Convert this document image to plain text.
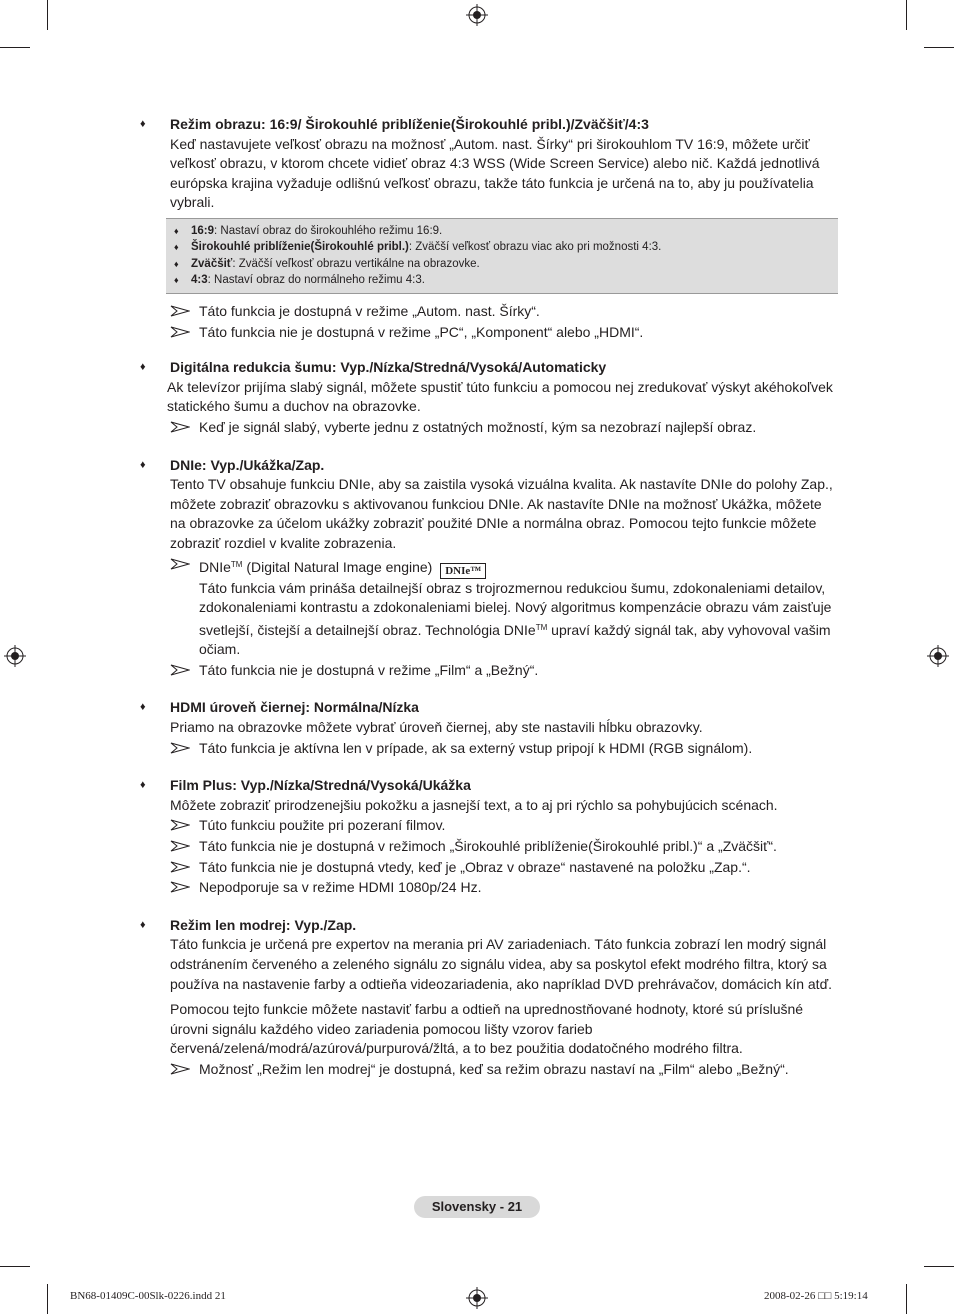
♦ Režim obrazu: 16:9/ Širokouhlé priblíženie(Širokouhlé pribl.)/Zväčšiť/4:3

Keď nastavujete veľkosť obrazu na možnosť „Autom. nast. Šírky“ pri širokouhlom TV 16:9, môžete určiť veľkosť obrazu, v ktorom chcete vidieť obraz 4:3 WSS (Wide Screen Service) alebo nič. Každá jednotlivá európska krajina vyžaduje odlišnú veľkosť obrazu, takže táto funkcia je určená na to, aby ju používatelia vybrali.

♦ 16:9: Nastaví obraz do širokouhlého režimu 16:9.
♦ Širokouhlé priblíženie(Širokouhlé pribl.): Zväčší veľkosť obrazu viac ako pri možnosti 4:3.
♦ Zväčšiť: Zväčší veľkosť obrazu vertikálne na obrazovke.
♦ 4:3: Nastaví obraz do normálneho režimu 4:3.
Táto funkcia je dostupná v režime „Autom. nast. Šírky“.
Táto funkcia nie je dostupná v režime „PC“, „Komponent“ alebo „HDMI“.
♦ Digitálna redukcia šumu: Vyp./Nízka/Stredná/Vysoká/Automaticky

Ak televízor prijíma slabý signál, môžete spustiť túto funkciu a pomocou nej zredukovať výskyt akéhokoľvek statického šumu a duchov na obrazovke.

Keď je signál slabý, vyberte jednu z ostatných možností, kým sa nezobrazí najlepší obraz.
♦ DNIe: Vyp./Ukážka/Zap.

Tento TV obsahuje funkciu DNIe, aby sa zaistila vysoká vizuálna kvalita. Ak nastavíte DNIe do polohy Zap., môžete zobraziť obrazovku s aktivovanou funkciou DNIe. Ak nastavíte DNIe na možnosť Ukážka, môžete na obrazovke za účelom ukážky zobraziť použité DNIe a normálna obraz. Pomocou tejto funkcie môžete zobraziť rozdiel v kvalite zobrazenia.

DNIe™ (Digital Natural Image engine) DNIe™
Táto funkcia vám prináša detailnejší obraz s trojrozmernou redukciou šumu, zdokonaleniami detailov, zdokonaleniami kontrastu a zdokonaleniami bielej. Nový algoritmus kompenzácie obrazu vám zaisťuje svetlejší, čistejší a detailnejší obraz. Technológia DNIe™ upraví každý signál tak, aby vyhovoval vašim očiam.
Táto funkcia nie je dostupná v režime „Film“ a „Bežný“.
♦ HDMI úroveň čiernej: Normálna/Nízka

Priamo na obrazovke môžete vybrať úroveň čiernej, aby ste nastavili hĺbku obrazovky.

Táto funkcia je aktívna len v prípade, ak sa externý vstup pripojí k HDMI (RGB signálom).
♦ Film Plus: Vyp./Nízka/Stredná/Vysoká/Ukážka

Môžete zobraziť prirodzenejšiu pokožku a jasnejší text, a to aj pri rýchlo sa pohybujúcich scénach.

Túto funkciu použite pri pozeraní filmov.
Táto funkcia nie je dostupná v režimoch „Širokouhlé priblíženie(Širokouhlé pribl.)“ a „Zväčšiť“.
Táto funkcia nie je dostupná vtedy, keď je „Obraz v obraze“ nastavené na položku „Zap.“.
Nepodporuje sa v režime HDMI 1080p/24 Hz.
♦ Režim len modrej: Vyp./Zap.

Táto funkcia je určená pre expertov na merania pri AV zariadeniach. Táto funkcia zobrazí len modrý signál odstránením červeného a zeleného signálu zo signálu videa, aby sa poskytol efekt modrého filtra, ktorý sa používa na nastavenie farby a odtieňa videozariadenia, ako napríklad DVD prehrávačov, domácich kín atď.

Pomocou tejto funkcie môžete nastaviť farbu a odtieň na uprednostňované hodnoty, ktoré sú príslušné úrovni signálu každého video zariadenia pomocou lišty vzorov farieb červená/zelená/modrá/azúrová/purpurová/žltá, a to bez použitia dodatočného modrého filtra.

Možnosť „Režim len modrej“ je dostupná, keď sa režim obrazu nastaví na „Film“ alebo „Bežný“.
Slovensky - 21
BN68-01409C-00Slk-0226.indd 21	2008-02-26 □□ 5:19:14
